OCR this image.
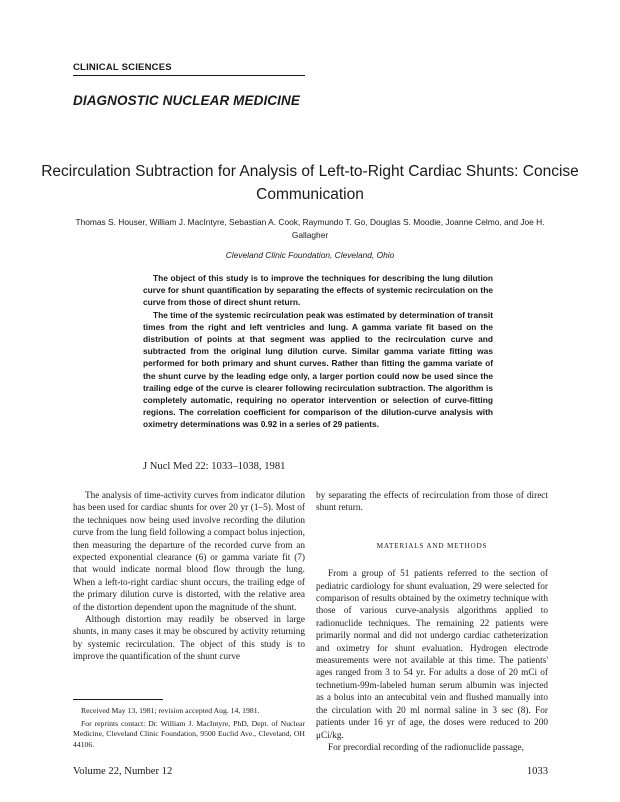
CLINICAL SCIENCES
DIAGNOSTIC NUCLEAR MEDICINE
Recirculation Subtraction for Analysis of Left-to-Right Cardiac Shunts: Concise Communication
Thomas S. Houser, William J. MacIntyre, Sebastian A. Cook, Raymundo T. Go, Douglas S. Moodie, Joanne Celmo, and Joe H. Gallagher
Cleveland Clinic Foundation, Cleveland, Ohio

The object of this study is to improve the techniques for describing the lung dilution curve for shunt quantification by separating the effects of systemic recirculation on the curve from those of direct shunt return.

The time of the systemic recirculation peak was estimated by determination of transit times from the right and left ventricles and lung. A gamma variate fit based on the distribution of points at that segment was applied to the recirculation curve and subtracted from the original lung dilution curve. Similar gamma variate fitting was performed for both primary and shunt curves. Rather than fitting the gamma variate of the shunt curve by the leading edge only, a larger portion could now be used since the trailing edge of the curve is clearer following recirculation subtraction. The algorithm is completely automatic, requiring no operator intervention or selection of curve-fitting regions. The correlation coefficient for comparison of the dilution-curve analysis with oximetry determinations was 0.92 in a series of 29 patients.

J Nucl Med 22: 1033–1038, 1981

The analysis of time-activity curves from indicator dilution has been used for cardiac shunts for over 20 yr (1–5). Most of the techniques now being used involve recording the dilution curve from the lung field following a compact bolus injection, then measuring the departure of the recorded curve from an expected exponential clearance (6) or gamma variate fit (7) that would indicate normal blood flow through the lung. When a left-to-right cardiac shunt occurs, the trailing edge of the primary dilution curve is distorted, with the relative area of the distortion dependent upon the magnitude of the shunt.

Although distortion may readily be observed in large shunts, in many cases it may be obscured by activity returning by systemic recirculation. The object of this study is to improve the quantification of the shunt curve

by separating the effects of recirculation from those of direct shunt return.

MATERIALS AND METHODS

From a group of 51 patients referred to the section of pediatric cardiology for shunt evaluation, 29 were selected for comparison of results obtained by the oximetry technique with those of various curve-analysis algorithms applied to radionuclide techniques. The remaining 22 patients were primarily normal and did not undergo cardiac catheterization and oximetry for shunt evaluation. Hydrogen electrode measurements were not available at this time. The patients' ages ranged from 3 to 54 yr. For adults a dose of 20 mCi of technetium-99m-labeled human serum albumin was injected as a bolus into an antecubital vein and flushed manually into the circulation with 20 ml normal saline in 3 sec (8). For patients under 16 yr of age, the doses were reduced to 200 μCi/kg.

For precordial recording of the radionuclide passage,

Received May 13, 1981; revision accepted Aug. 14, 1981.

For reprints contact: Dr. William J. MacIntyre, PhD, Dept. of Nuclear Medicine, Cleveland Clinic Foundation, 9500 Euclid Ave., Cleveland, OH 44106.

Volume 22, Number 12	1033
